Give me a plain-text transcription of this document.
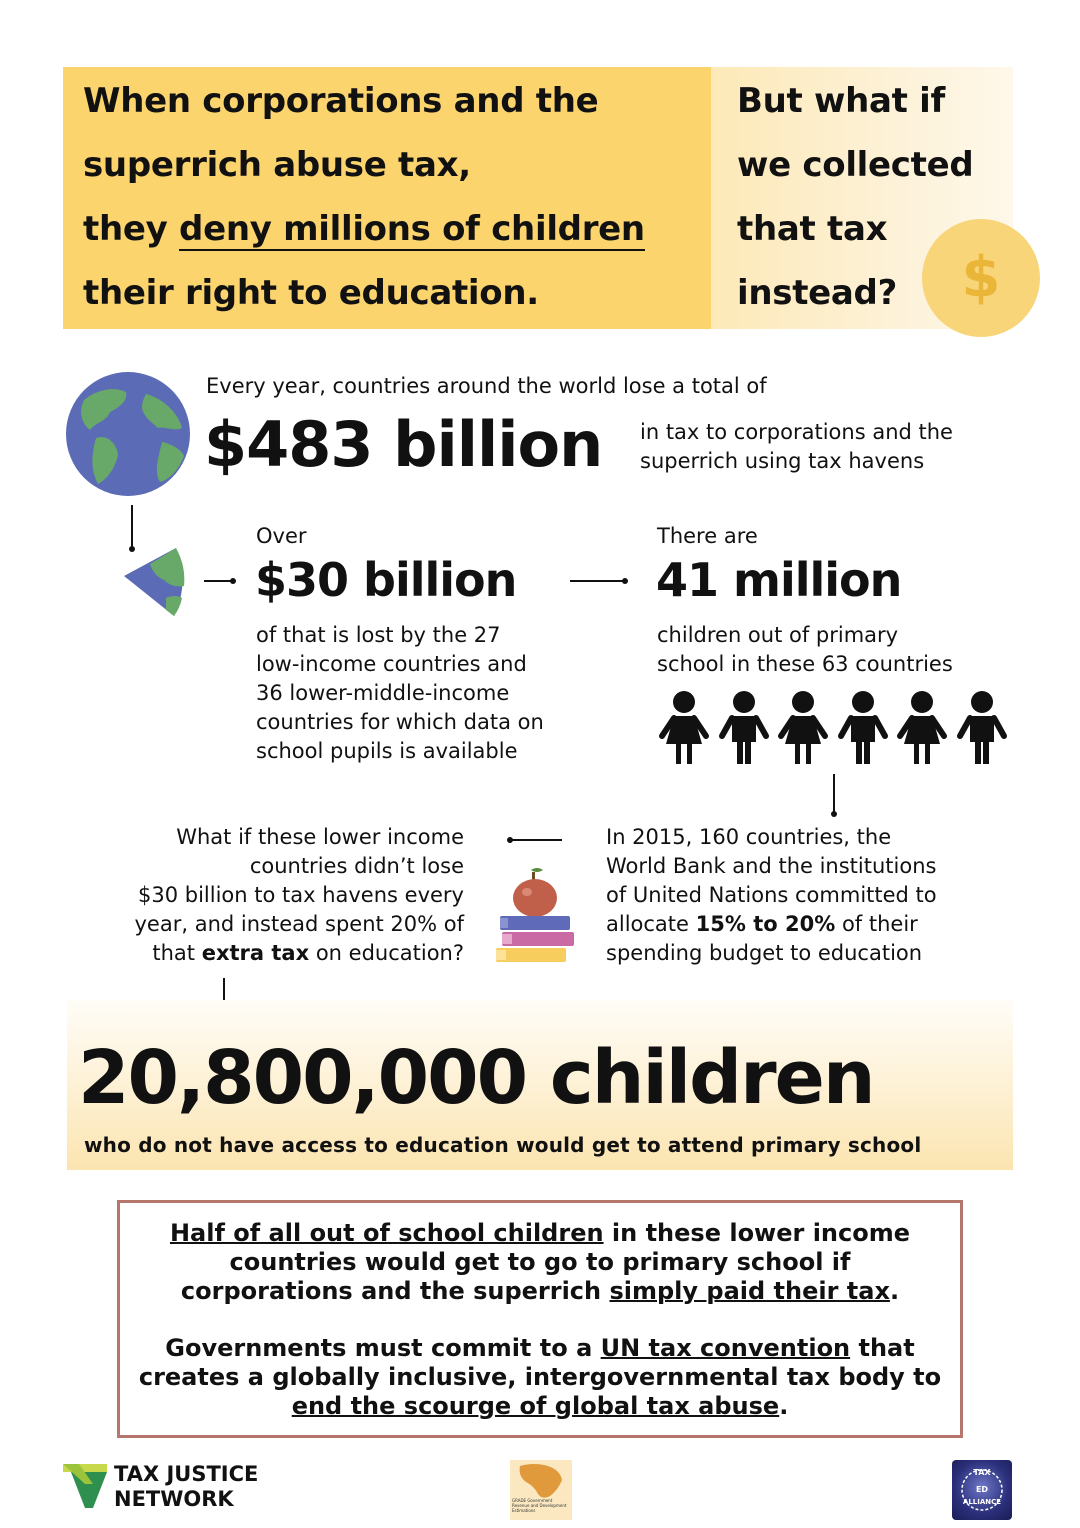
When corporations and the
superrich abuse tax,
they deny millions of children
their right to education.
But what if
we collected
that tax
instead?	$
Every year, countries around the world lose a total of
$483 billion in tax to corporations and the
superrich using tax havens
Over
$30 billion
of that is lost by the 27
low-income countries and
36 lower-middle-income
countries for which data on
school pupils is available
There are
41 million
children out of primary
school in these 63 countries
What if these lower income
countries didn’t lose
$30 billion to tax havens every
year, and instead spent 20% of
that extra tax on education?
In 2015, 160 countries, the
World Bank and the institutions
of United Nations committed to
allocate 15% to 20% of their
spending budget to education
20,800,000 children
who do not have access to education would get to attend primary school

Half of all out of school children in these lower income countries would get to go to primary school if corporations and the superrich simply paid their tax.

Governments must commit to a UN tax convention that creates a globally inclusive, intergovernmental tax body to end the scourge of global tax abuse.

TAX JUSTICE
NETWORK	GRADE Government Revenue and Development Estimations
TAX
ED
ALLIANCE
